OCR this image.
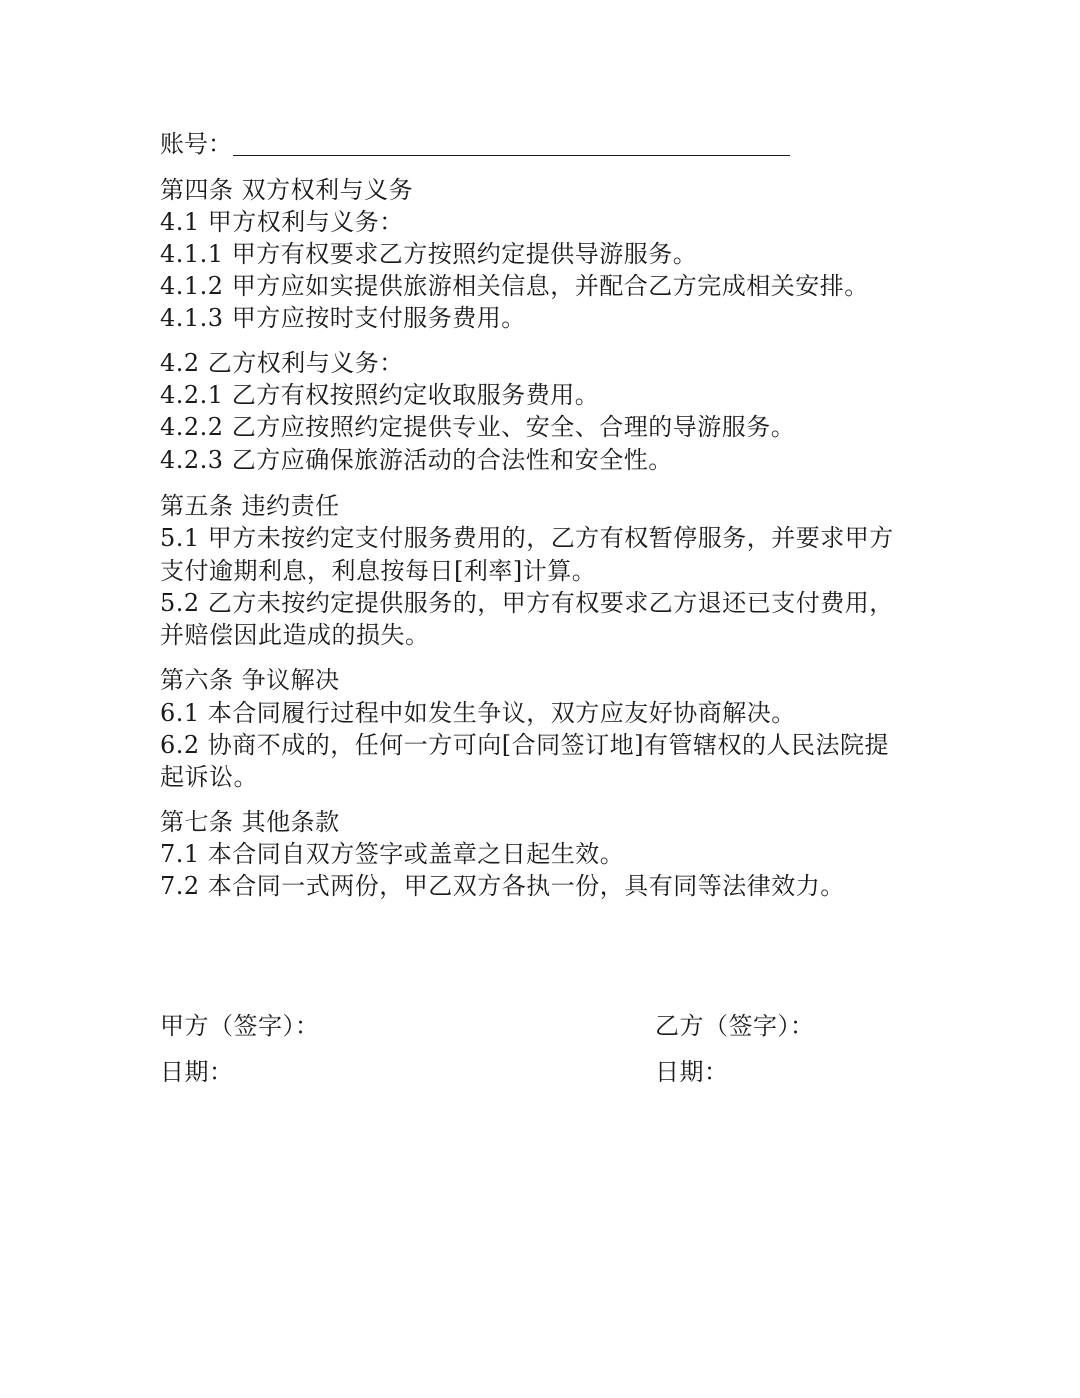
账号：
第四条 双方权利与义务
4.1 甲方权利与义务：
4.1.1 甲方有权要求乙方按照约定提供导游服务。
4.1.2 甲方应如实提供旅游相关信息，并配合乙方完成相关安排。
4.1.3 甲方应按时支付服务费用。
4.2 乙方权利与义务：
4.2.1 乙方有权按照约定收取服务费用。
4.2.2 乙方应按照约定提供专业、安全、合理的导游服务。
4.2.3 乙方应确保旅游活动的合法性和安全性。
第五条 违约责任
5.1 甲方未按约定支付服务费用的，乙方有权暂停服务，并要求甲方
支付逾期利息，利息按每日[利率]计算。
5.2 乙方未按约定提供服务的，甲方有权要求乙方退还已支付费用，
并赔偿因此造成的损失。
第六条 争议解决
6.1 本合同履行过程中如发生争议，双方应友好协商解决。
6.2 协商不成的，任何一方可向[合同签订地]有管辖权的人民法院提
起诉讼。
第七条 其他条款
7.1 本合同自双方签字或盖章之日起生效。
7.2 本合同一式两份，甲乙双方各执一份，具有同等法律效力。
甲方（签字）：
日期：
乙方（签字）：
日期：
